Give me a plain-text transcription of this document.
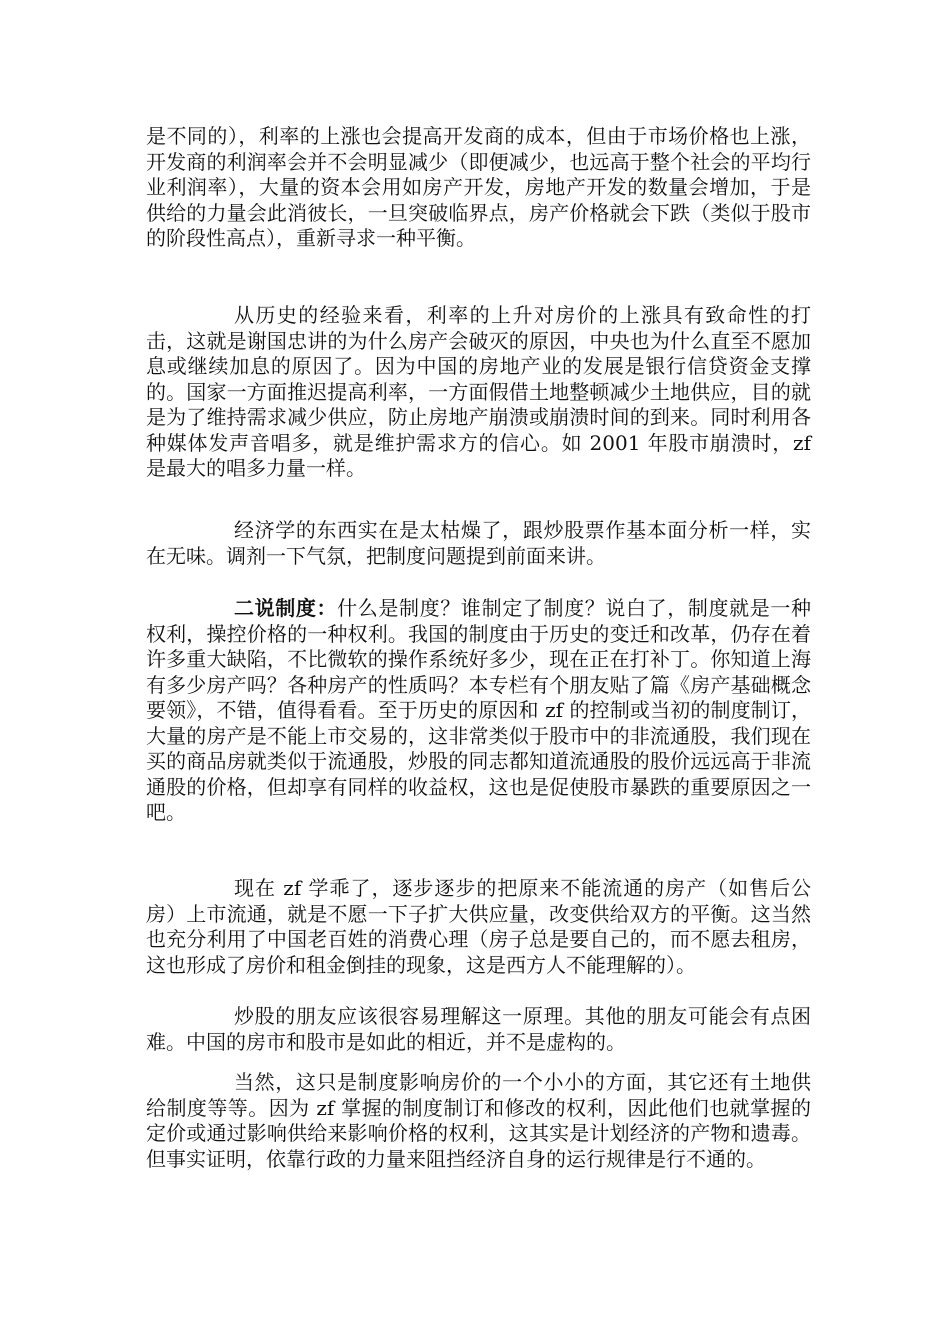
是不同的），利率的上涨也会提高开发商的成本，但由于市场价格也上涨，开发商的利润率会并不会明显减少（即便减少，也远高于整个社会的平均行业利润率），大量的资本会用如房产开发，房地产开发的数量会增加，于是供给的力量会此消彼长，一旦突破临界点，房产价格就会下跌（类似于股市的阶段性高点），重新寻求一种平衡。

从历史的经验来看，利率的上升对房价的上涨具有致命性的打击，这就是谢国忠讲的为什么房产会破灭的原因，中央也为什么直至不愿加息或继续加息的原因了。因为中国的房地产业的发展是银行信贷资金支撑的。国家一方面推迟提高利率，一方面假借土地整顿减少土地供应，目的就是为了维持需求减少供应，防止房地产崩溃或崩溃时间的到来。同时利用各种媒体发声音唱多，就是维护需求方的信心。如 2001 年股市崩溃时，zf 是最大的唱多力量一样。

经济学的东西实在是太枯燥了，跟炒股票作基本面分析一样，实在无味。调剂一下气氛，把制度问题提到前面来讲。

二说制度：什么是制度？谁制定了制度？说白了，制度就是一种权利，操控价格的一种权利。我国的制度由于历史的变迁和改革，仍存在着许多重大缺陷，不比微软的操作系统好多少，现在正在打补丁。你知道上海有多少房产吗？各种房产的性质吗？本专栏有个朋友贴了篇《房产基础概念要领》，不错，值得看看。至于历史的原因和 zf 的控制或当初的制度制订，大量的房产是不能上市交易的，这非常类似于股市中的非流通股，我们现在买的商品房就类似于流通股，炒股的同志都知道流通股的股价远远高于非流通股的价格，但却享有同样的收益权，这也是促使股市暴跌的重要原因之一吧。

现在 zf 学乖了，逐步逐步的把原来不能流通的房产（如售后公房）上市流通，就是不愿一下子扩大供应量，改变供给双方的平衡。这当然也充分利用了中国老百姓的消费心理（房子总是要自己的，而不愿去租房，这也形成了房价和租金倒挂的现象，这是西方人不能理解的）。

炒股的朋友应该很容易理解这一原理。其他的朋友可能会有点困难。中国的房市和股市是如此的相近，并不是虚构的。

当然，这只是制度影响房价的一个小小的方面，其它还有土地供给制度等等。因为 zf 掌握的制度制订和修改的权利，因此他们也就掌握的定价或通过影响供给来影响价格的权利，这其实是计划经济的产物和遗毒。但事实证明，依靠行政的力量来阻挡经济自身的运行规律是行不通的。
